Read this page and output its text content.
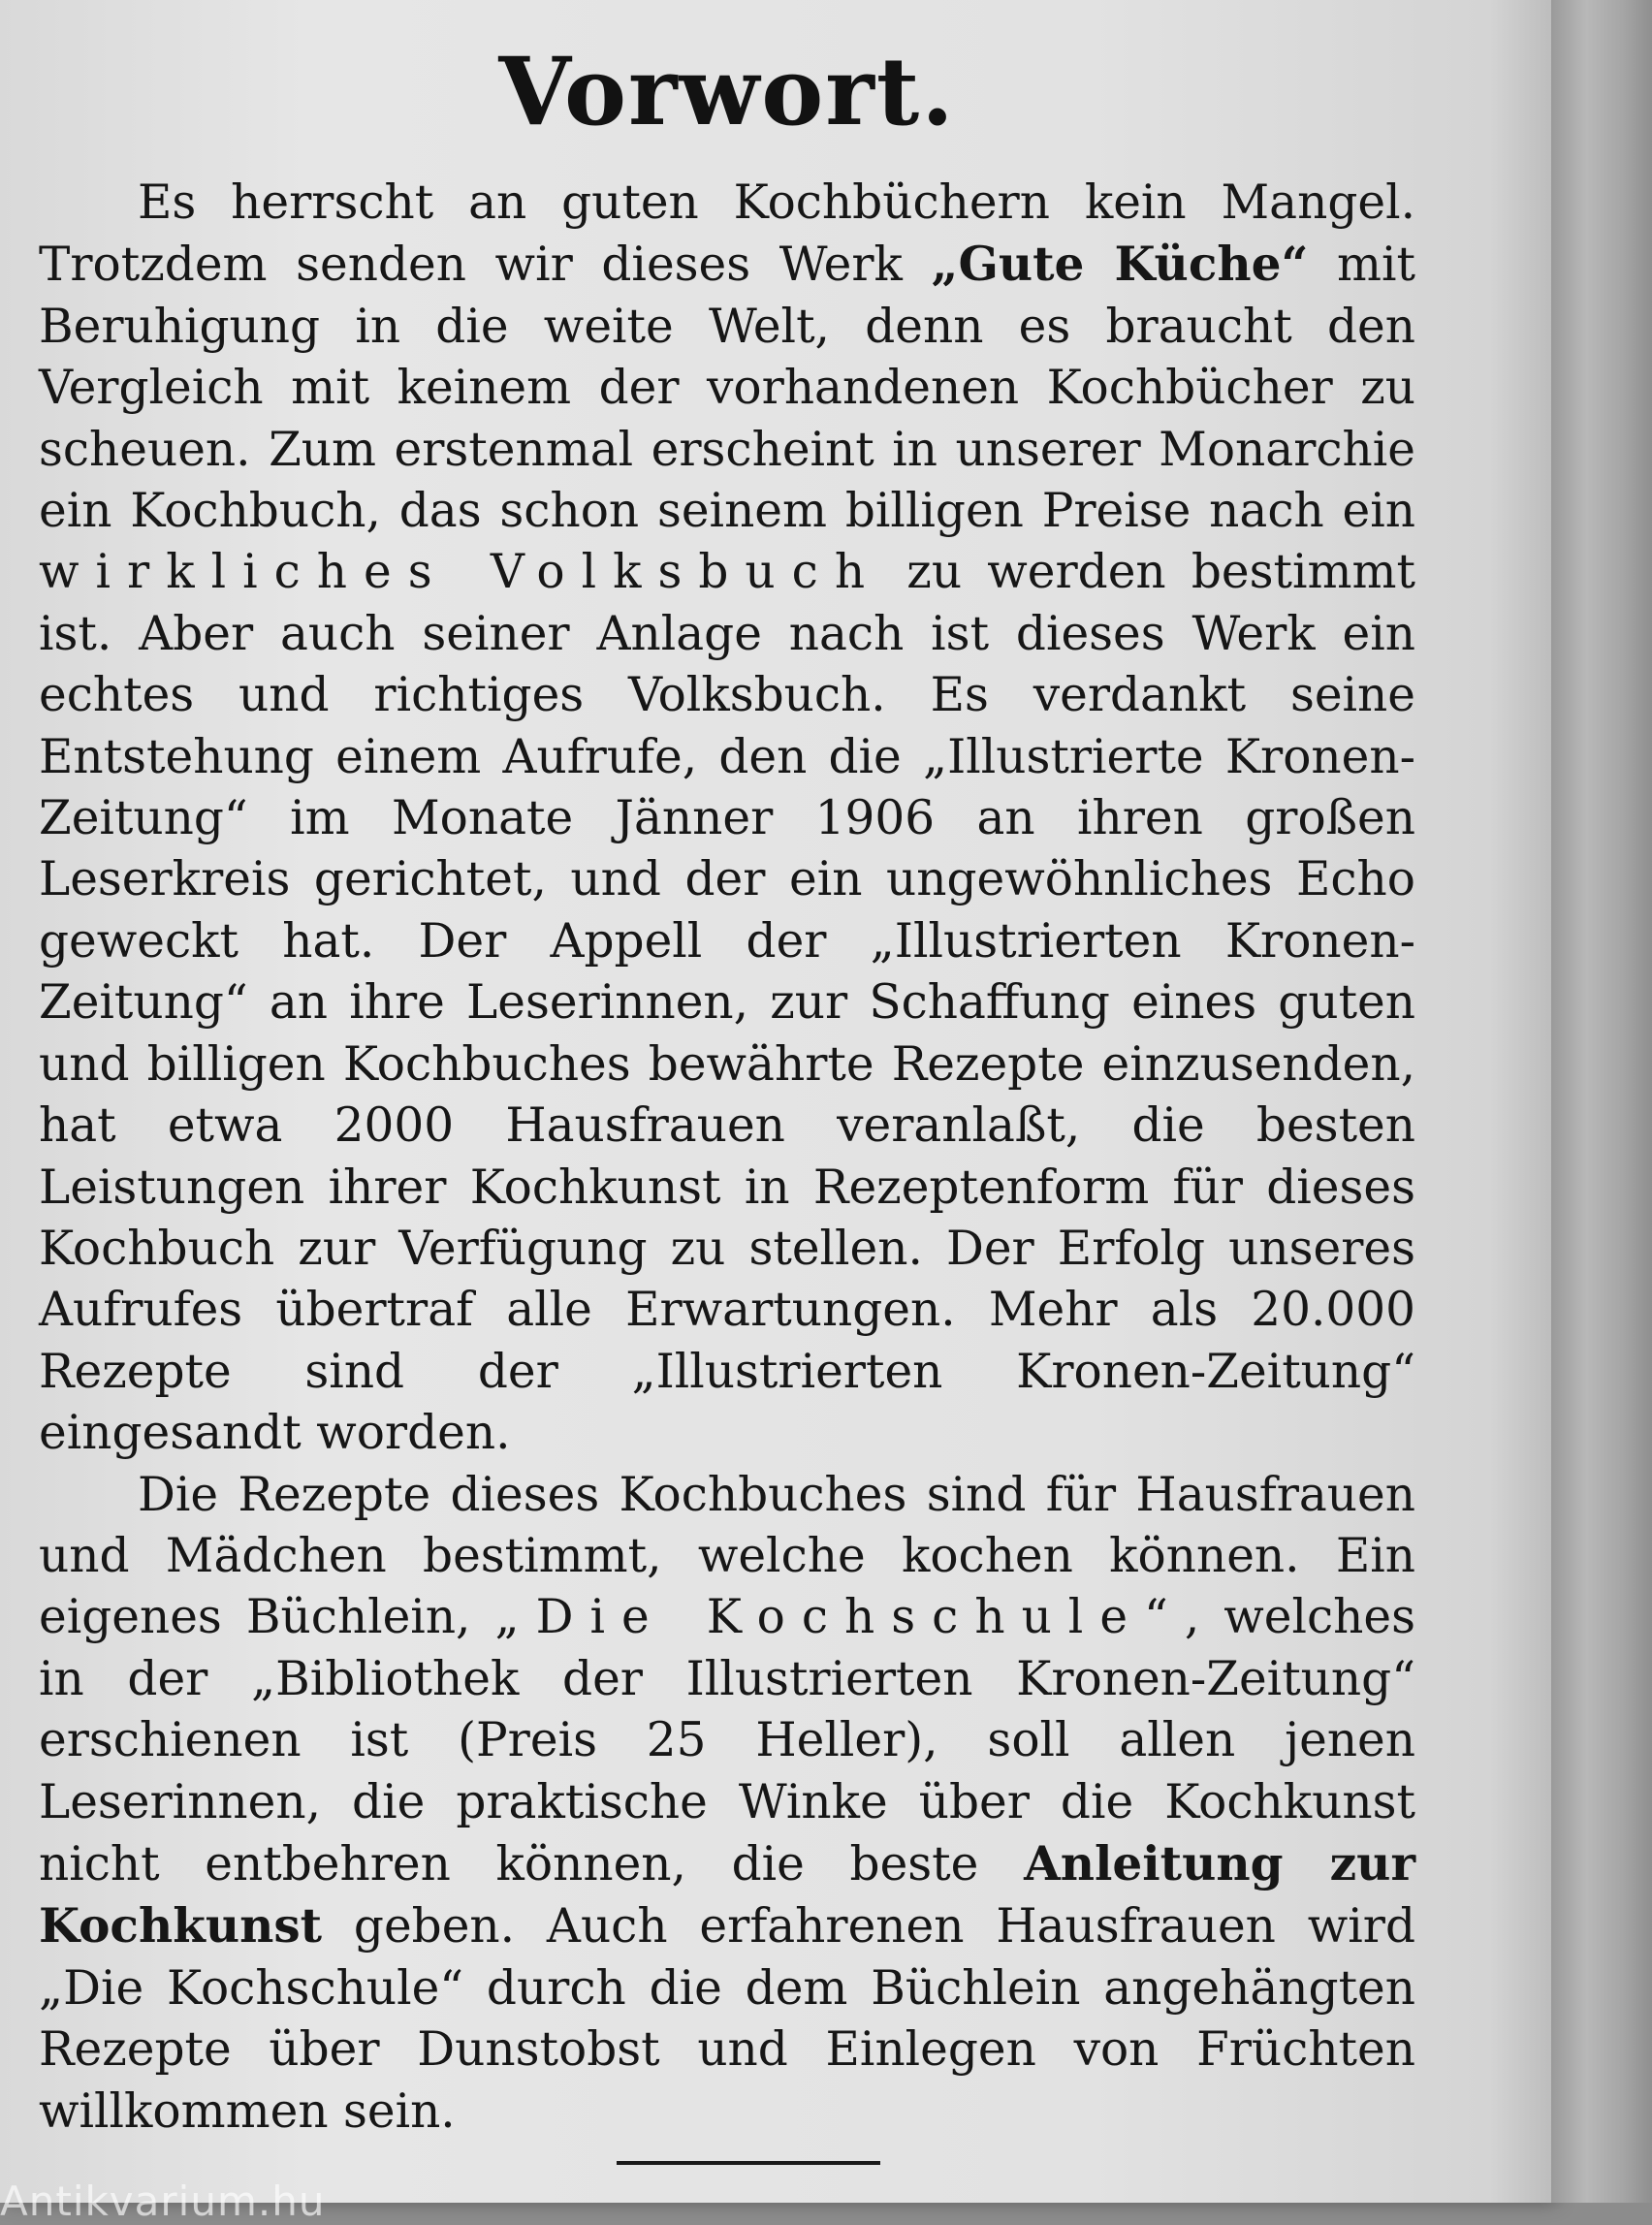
Vorwort.

Es herrscht an guten Kochbüchern kein Mangel. Trotzdem senden wir dieses Werk „Gute Küche“ mit Beruhigung in die weite Welt, denn es braucht den Vergleich mit keinem der vorhandenen Kochbücher zu scheuen. Zum erstenmal erscheint in unserer Monarchie ein Kochbuch, das schon seinem billigen Preise nach ein wirkliches Volksbuch zu werden bestimmt ist. Aber auch seiner Anlage nach ist dieses Werk ein echtes und richtiges Volksbuch. Es verdankt seine Entstehung einem Aufrufe, den die „Illustrierte Kronen-Zeitung“ im Monate Jänner 1906 an ihren großen Leserkreis gerichtet, und der ein ungewöhnliches Echo geweckt hat. Der Appell der „Illustrierten Kronen-Zeitung“ an ihre Leserinnen, zur Schaffung eines guten und billigen Kochbuches bewährte Rezepte einzusenden, hat etwa 2000 Hausfrauen veranlaßt, die besten Leistungen ihrer Kochkunst in Rezeptenform für dieses Kochbuch zur Verfügung zu stellen. Der Erfolg unseres Aufrufes übertraf alle Erwartungen. Mehr als 20.000 Rezepte sind der „Illustrierten Kronen-Zeitung“ eingesandt worden.

Die Rezepte dieses Kochbuches sind für Hausfrauen und Mädchen bestimmt, welche kochen können. Ein eigenes Büchlein, „Die Kochschule“, welches in der „Bibliothek der Illustrierten Kronen-Zeitung“ erschienen ist (Preis 25 Heller), soll allen jenen Leserinnen, die praktische Winke über die Kochkunst nicht entbehren können, die beste Anleitung zur Kochkunst geben. Auch erfahrenen Hausfrauen wird „Die Kochschule“ durch die dem Büchlein angehängten Rezepte über Dunstobst und Einlegen von Früchten willkommen sein.

Antikvarium.hu
